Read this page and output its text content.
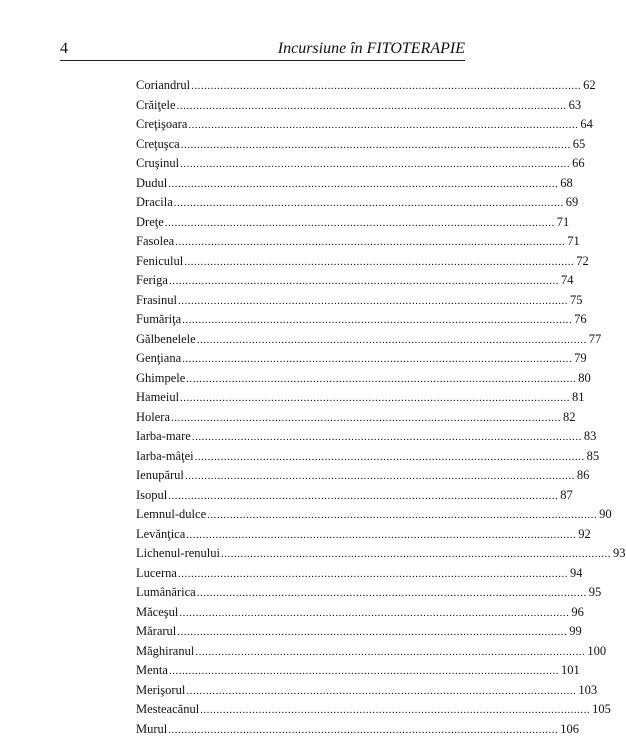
4	Incursiune în FITOTERAPIE
Coriandrul ........................................................................................................................ 62
Crăiţele ........................................................................................................................ 63
Creţişoara ........................................................................................................................ 64
Creţuşca ........................................................................................................................ 65
Cruşinul ........................................................................................................................ 66
Dudul ........................................................................................................................ 68
Dracila ........................................................................................................................ 69
Dreţe ........................................................................................................................ 71
Fasolea ........................................................................................................................ 71
Feniculul ........................................................................................................................ 72
Feriga ........................................................................................................................ 74
Frasinul ........................................................................................................................ 75
Fumăriţa ........................................................................................................................ 76
Gălbenelele ........................................................................................................................ 77
Genţiana ........................................................................................................................ 79
Ghimpele ........................................................................................................................ 80
Hameiul ........................................................................................................................ 81
Holera ........................................................................................................................ 82
Iarba-mare ........................................................................................................................ 83
Iarba-mâţei ........................................................................................................................ 85
Ienupărul ........................................................................................................................ 86
Isopul ........................................................................................................................ 87
Lemnul-dulce ........................................................................................................................ 90
Levănţica ........................................................................................................................ 92
Lichenul-renului ........................................................................................................................ 93
Lucerna ........................................................................................................................ 94
Lumânărica ........................................................................................................................ 95
Măceşul ........................................................................................................................ 96
Mărarul ........................................................................................................................ 99
Măghiranul ........................................................................................................................ 100
Menta ........................................................................................................................ 101
Merişorul ........................................................................................................................ 103
Mesteacănul ........................................................................................................................ 105
Murul ........................................................................................................................ 106
